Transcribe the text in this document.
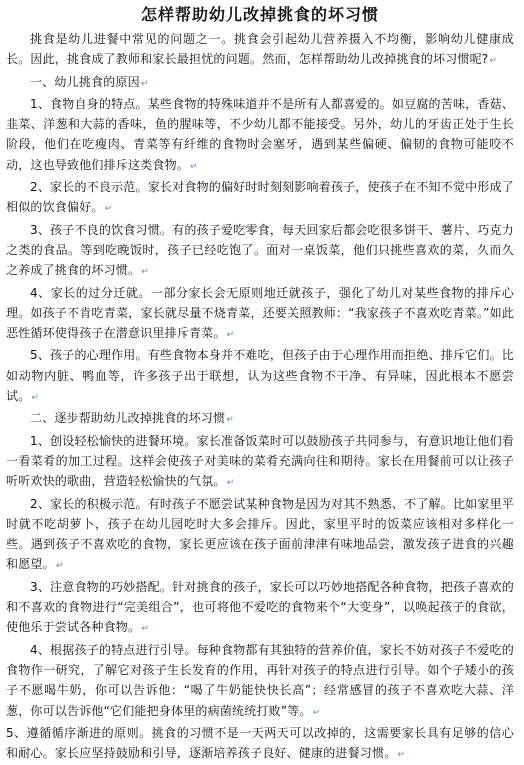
怎样帮助幼儿改掉挑食的坏习惯

挑食是幼儿进餐中常见的问题之一。挑食会引起幼儿营养摄入不均衡，影响幼儿健康成长。因此，挑食成了教师和家长最担忧的问题。然而，怎样帮助幼儿改掉挑食的坏习惯呢?↵

一、幼儿挑食的原因↵

1、食物自身的特点。某些食物的特殊味道并不是所有人都喜爱的。如豆腐的苦味，香菇、韭菜、洋葱和大蒜的香味，鱼的腥味等，不少幼儿都不能接受。另外，幼儿的牙齿正处于生长阶段，他们在吃瘦肉、青菜等有纤维的食物时会塞牙，遇到某些偏硬、偏韧的食物可能咬不动，这也导致他们排斥这类食物。↵

2、家长的不良示范。家长对食物的偏好时时刻刻影响着孩子，使孩子在不知不觉中形成了相似的饮食偏好。↵

3、孩子不良的饮食习惯。有的孩子爱吃零食，每天回家后都会吃很多饼干、薯片、巧克力之类的食品。等到吃晚饭时，孩子已经吃饱了。面对一桌饭菜，他们只挑些喜欢的菜，久而久之养成了挑食的坏习惯。↵

4、家长的过分迁就。一部分家长会无原则地迁就孩子，强化了幼儿对某些食物的排斥心理。如孩子不肯吃青菜，家长就尽量不烧青菜，还要关照教师：“我家孩子不喜欢吃青菜。”如此恶性循环使得孩子在潜意识里排斥青菜。↵

5、孩子的心理作用。有些食物本身并不难吃，但孩子由于心理作用而拒绝、排斥它们。比如动物内脏、鸭血等，许多孩子出于联想，认为这些食物不干净、有异味，因此根本不愿尝试。↵

二、逐步帮助幼儿改掉挑食的坏习惯↵

1、创设轻松愉快的进餐环境。家长准备饭菜时可以鼓励孩子共同参与，有意识地让他们看一看菜肴的加工过程。这样会使孩子对美味的菜肴充满向往和期待。家长在用餐前可以让孩子听听欢快的歌曲，营造轻松愉快的气氛。↵

2、家长的积极示范。有时孩子不愿尝试某种食物是因为对其不熟悉、不了解。比如家里平时就不吃胡萝卜，孩子在幼儿园吃时大多会排斥。因此，家里平时的饭菜应该相对多样化一些。遇到孩子不喜欢吃的食物，家长更应该在孩子面前津津有味地品尝，激发孩子进食的兴趣和愿望。↵

3、注意食物的巧妙搭配。针对挑食的孩子，家长可以巧妙地搭配各种食物，把孩子喜欢的和不喜欢的食物进行“完美组合”，也可将他不爱吃的食物来个“大变身”，以唤起孩子的食欲，使他乐于尝试各种食物。↵

4、根据孩子的特点进行引导。每种食物都有其独特的营养价值，家长不妨对孩子不爱吃的食物作一研究，了解它对孩子生长发育的作用，再针对孩子的特点进行引导。如个子矮小的孩子不愿喝牛奶，你可以告诉他：“喝了牛奶能快快长高”；经常感冒的孩子不喜欢吃大蒜、洋葱，你可以告诉他“它们能把身体里的病菌统统打败”等。↵

5、遵循循序渐进的原则。挑食的习惯不是一天两天可以改掉的，这需要家长具有足够的信心和耐心。家长应坚持鼓励和引导，逐渐培养孩子良好、健康的进餐习惯。↵
